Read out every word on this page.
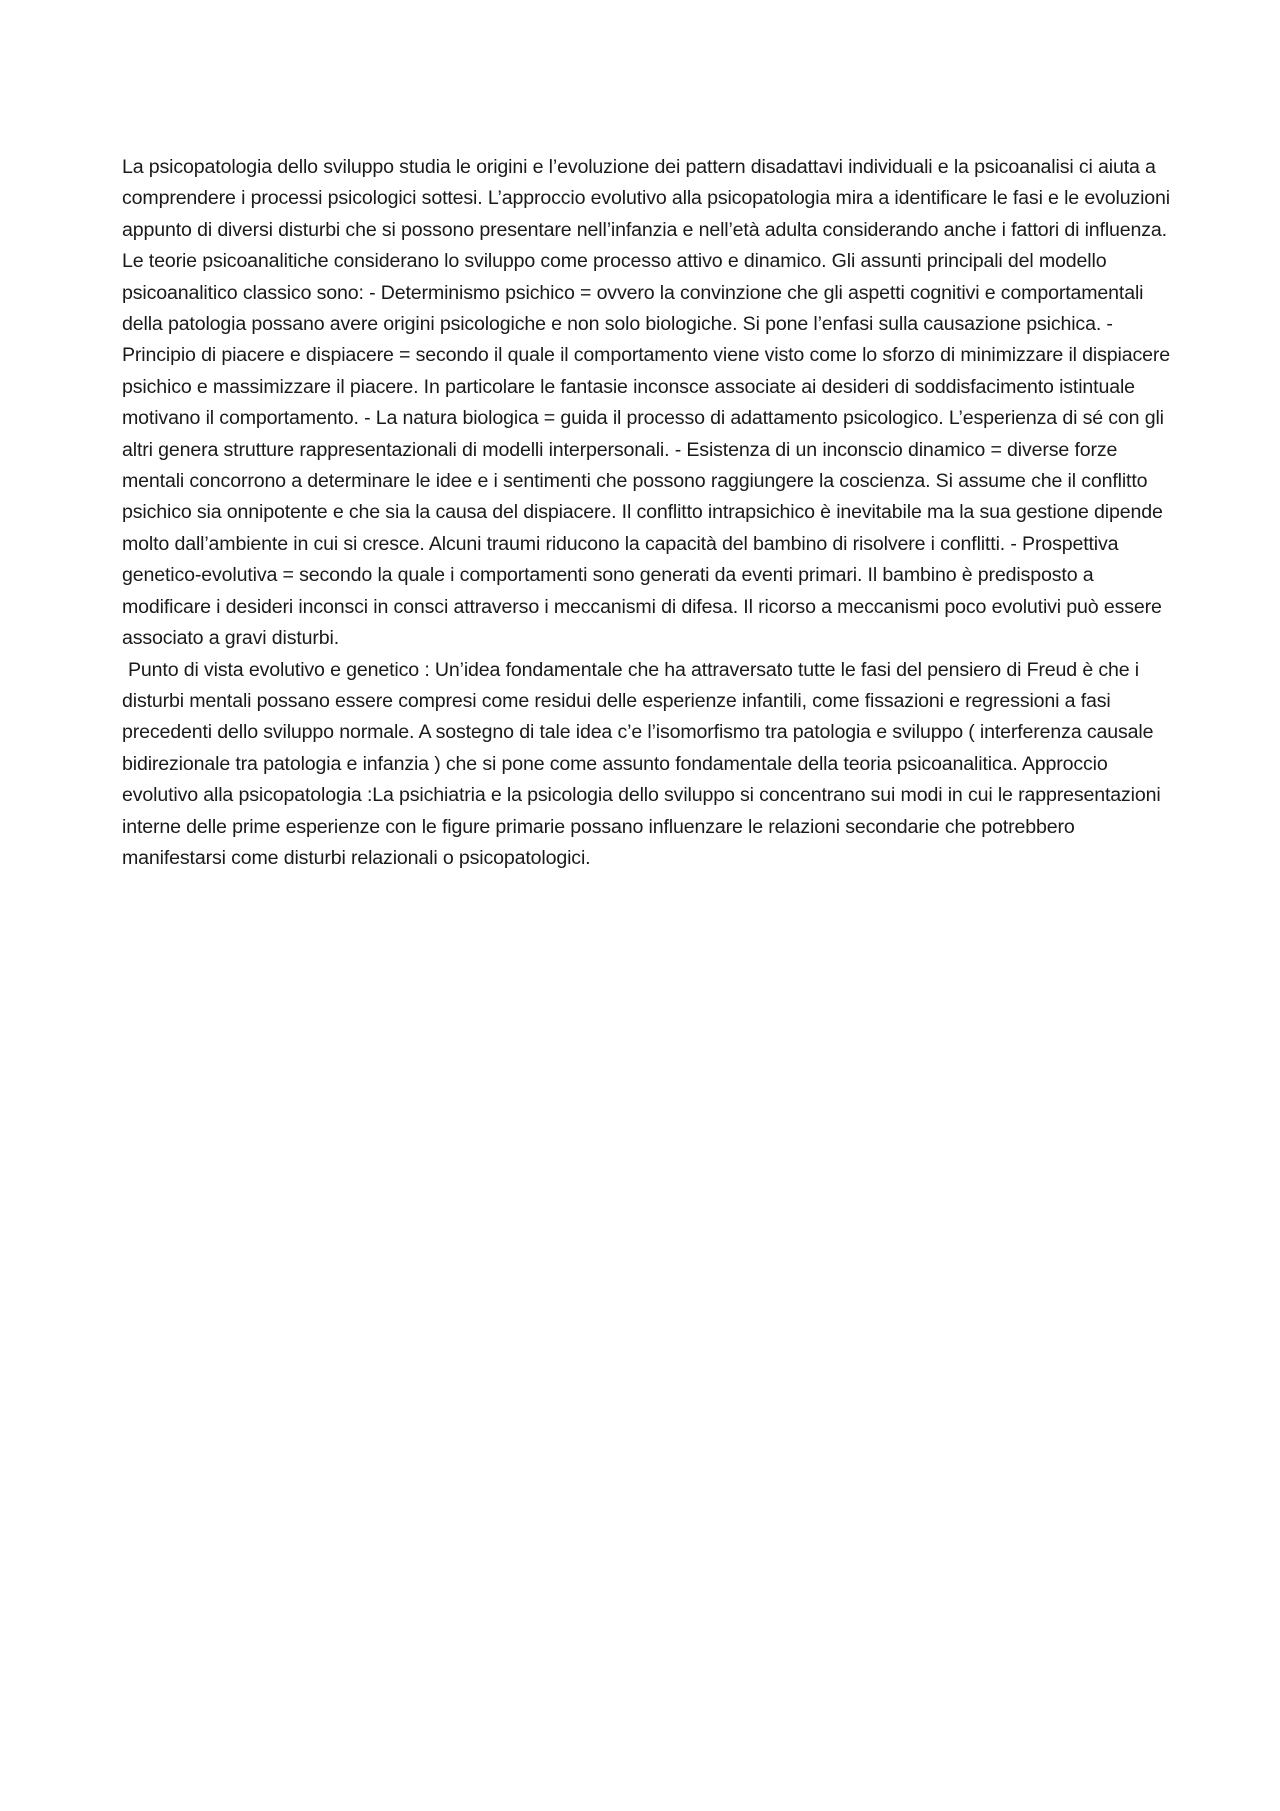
La psicopatologia dello sviluppo studia le origini e l’evoluzione dei pattern disadattavi individuali e la psicoanalisi ci aiuta a comprendere i processi psicologici sottesi. L’approccio evolutivo alla psicopatologia mira a identificare le fasi e le evoluzioni appunto di diversi disturbi che si possono presentare nell’infanzia e nell’età adulta considerando anche i fattori di influenza. Le teorie psicoanalitiche considerano lo sviluppo come processo attivo e dinamico. Gli assunti principali del modello psicoanalitico classico sono: - Determinismo psichico = ovvero la convinzione che gli aspetti cognitivi e comportamentali della patologia possano avere origini psicologiche e non solo biologiche. Si pone l’enfasi sulla causazione psichica. - Principio di piacere e dispiacere = secondo il quale il comportamento viene visto come lo sforzo di minimizzare il dispiacere psichico e massimizzare il piacere. In particolare le fantasie inconsce associate ai desideri di soddisfacimento istintuale motivano il comportamento. - La natura biologica = guida il processo di adattamento psicologico. L’esperienza di sé con gli altri genera strutture rappresentazionali di modelli interpersonali. - Esistenza di un inconscio dinamico = diverse forze mentali concorrono a determinare le idee e i sentimenti che possono raggiungere la coscienza. Si assume che il conflitto psichico sia onnipotente e che sia la causa del dispiacere. Il conflitto intrapsichico è inevitabile ma la sua gestione dipende molto dall’ambiente in cui si cresce. Alcuni traumi riducono la capacità del bambino di risolvere i conflitti. - Prospettiva genetico-evolutiva = secondo la quale i comportamenti sono generati da eventi primari. Il bambino è predisposto a modificare i desideri inconsci in consci attraverso i meccanismi di difesa. Il ricorso a meccanismi poco evolutivi può essere associato a gravi disturbi.

Punto di vista evolutivo e genetico : Un’idea fondamentale che ha attraversato tutte le fasi del pensiero di Freud è che i disturbi mentali possano essere compresi come residui delle esperienze infantili, come fissazioni e regressioni a fasi precedenti dello sviluppo normale. A sostegno di tale idea c’e l’isomorfismo tra patologia e sviluppo ( interferenza causale bidirezionale tra patologia e infanzia ) che si pone come assunto fondamentale della teoria psicoanalitica. Approccio evolutivo alla psicopatologia :La psichiatria e la psicologia dello sviluppo si concentrano sui modi in cui le rappresentazioni interne delle prime esperienze con le figure primarie possano influenzare le relazioni secondarie che potrebbero manifestarsi come disturbi relazionali o psicopatologici.
